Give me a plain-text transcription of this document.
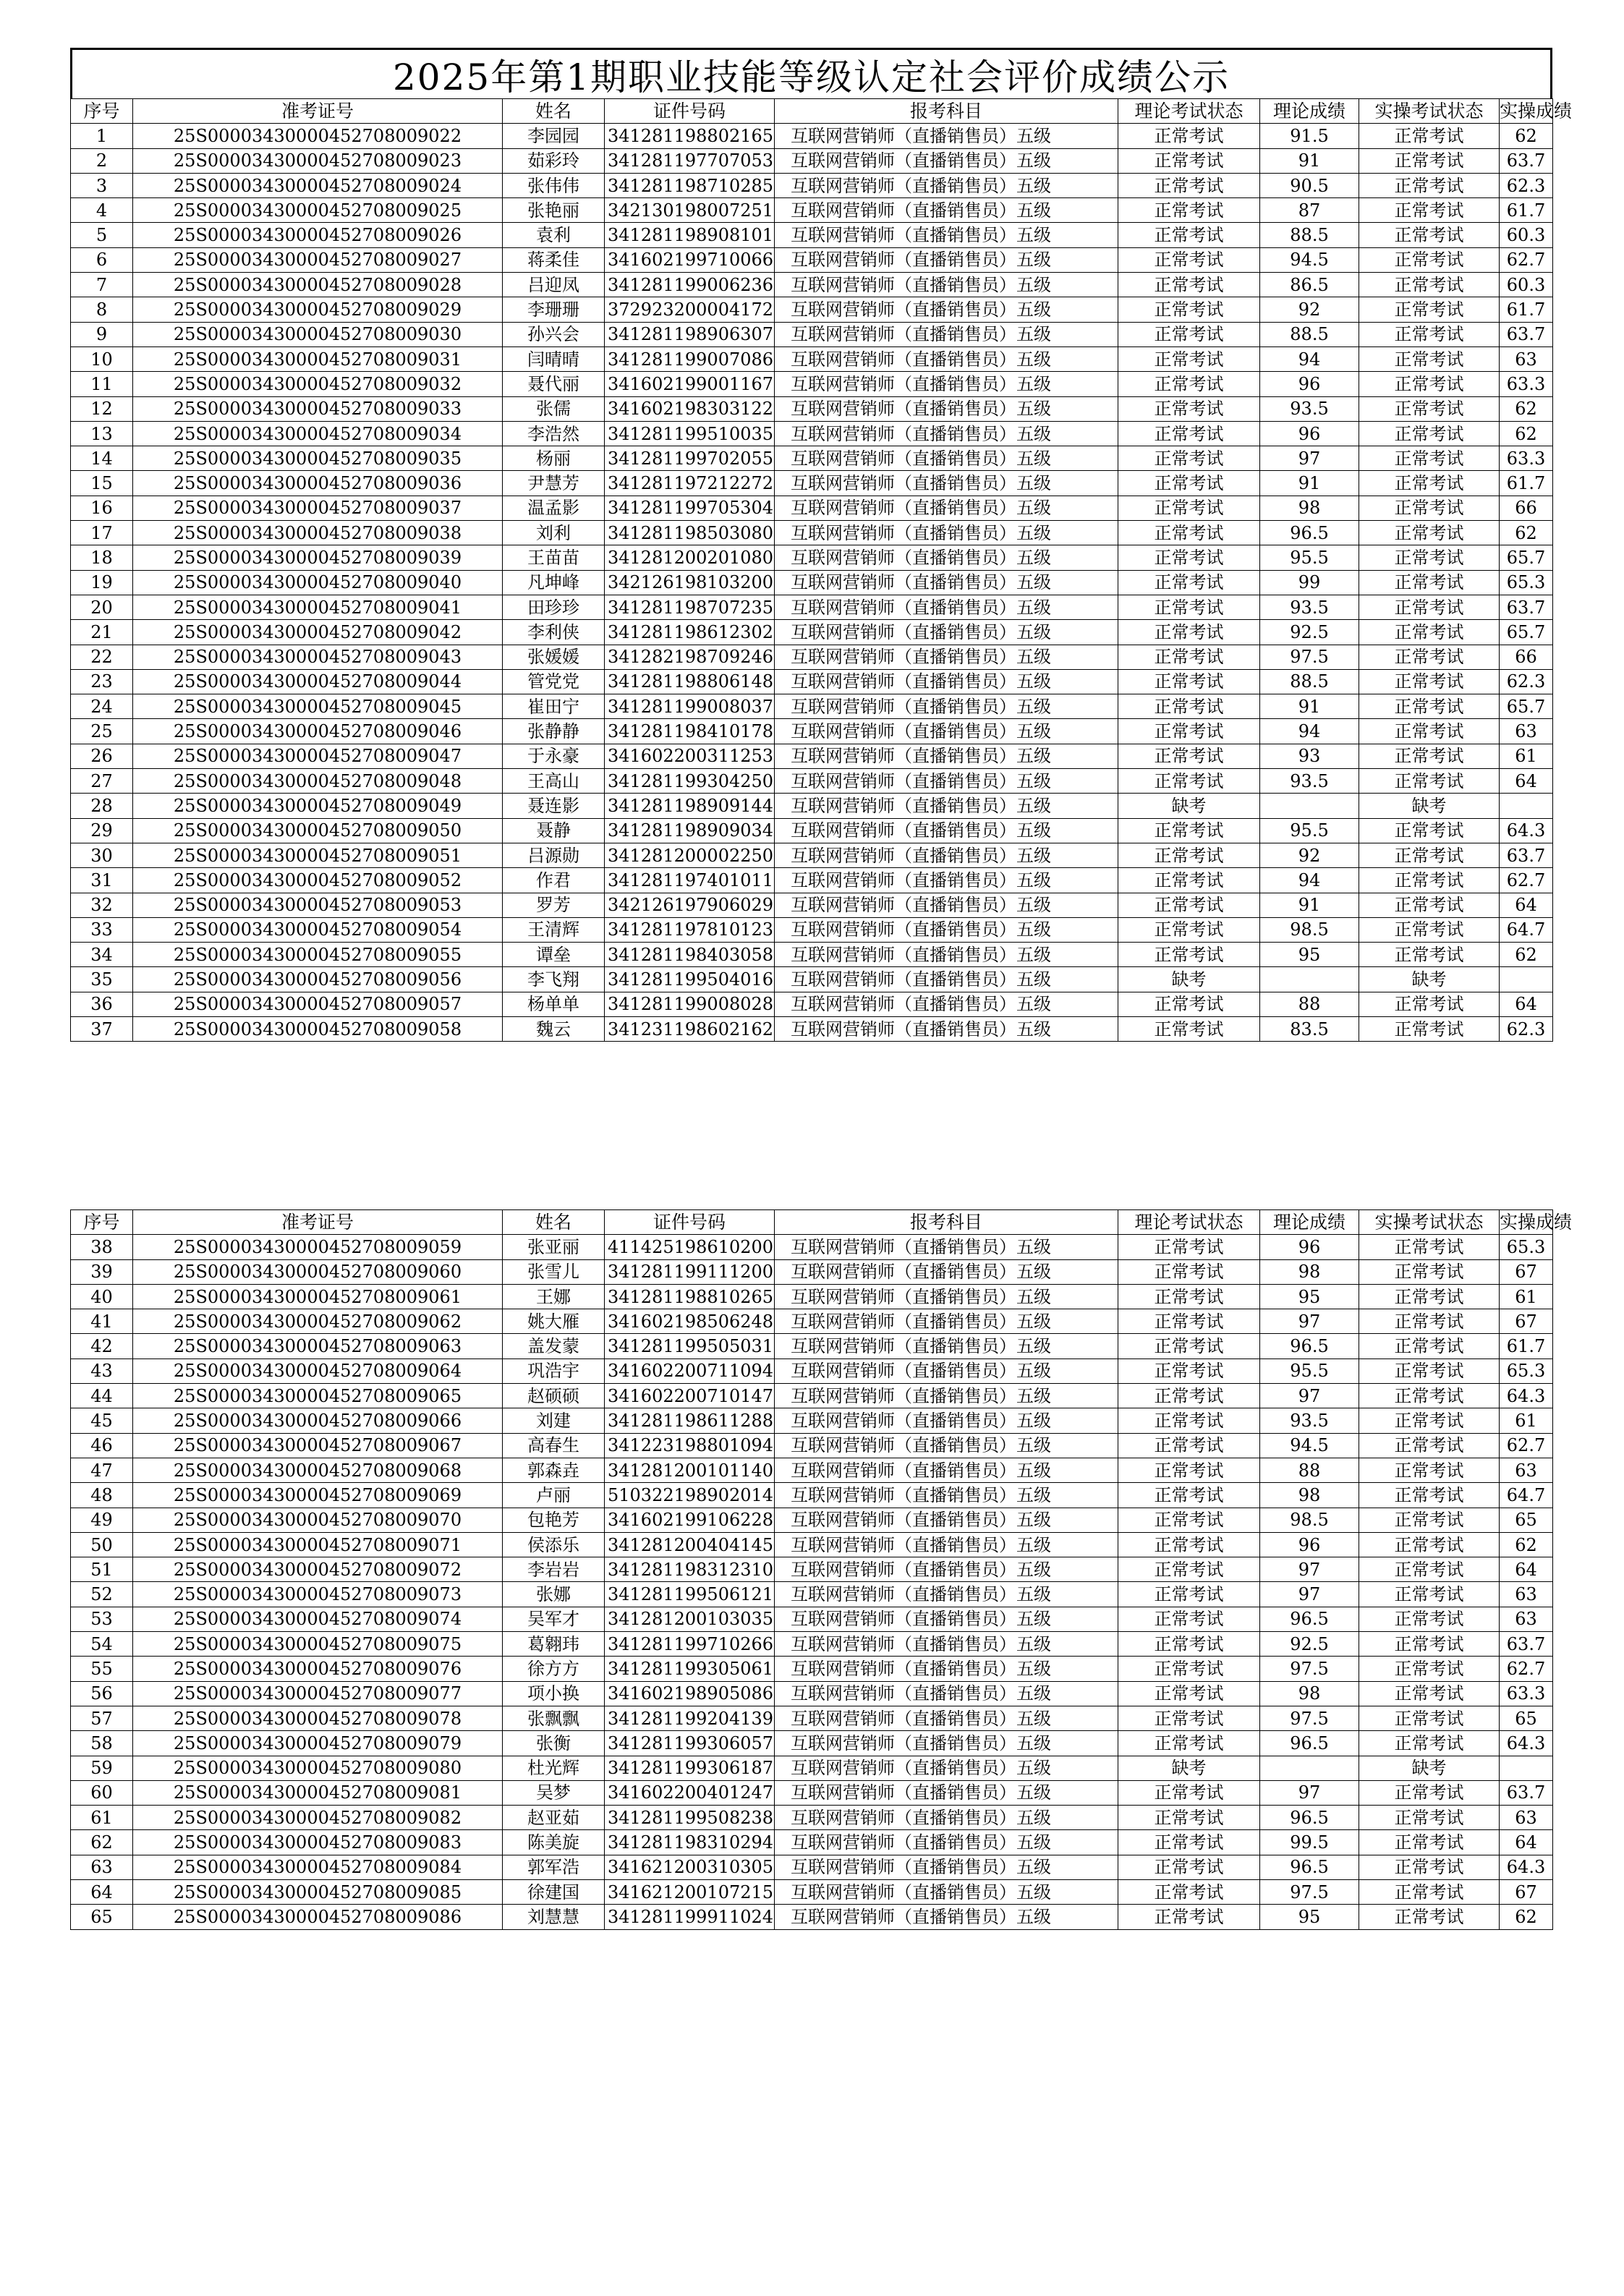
2025年第1期职业技能等级认定社会评价成绩公示
序号	准考证号	姓名	证件号码	报考科目	理论考试状态	理论成绩	实操考试状态	实操成绩
1	25S00003430000452708009022	李园园	341281198802165	互联网营销师（直播销售员）五级	正常考试	91.5	正常考试	62
2	25S00003430000452708009023	茹彩玲	341281197707053	互联网营销师（直播销售员）五级	正常考试	91	正常考试	63.7
3	25S00003430000452708009024	张伟伟	341281198710285	互联网营销师（直播销售员）五级	正常考试	90.5	正常考试	62.3
4	25S00003430000452708009025	张艳丽	342130198007251	互联网营销师（直播销售员）五级	正常考试	87	正常考试	61.7
5	25S00003430000452708009026	袁利	341281198908101	互联网营销师（直播销售员）五级	正常考试	88.5	正常考试	60.3
6	25S00003430000452708009027	蒋柔佳	341602199710066	互联网营销师（直播销售员）五级	正常考试	94.5	正常考试	62.7
7	25S00003430000452708009028	吕迎凤	341281199006236	互联网营销师（直播销售员）五级	正常考试	86.5	正常考试	60.3
8	25S00003430000452708009029	李珊珊	372923200004172	互联网营销师（直播销售员）五级	正常考试	92	正常考试	61.7
9	25S00003430000452708009030	孙兴会	341281198906307	互联网营销师（直播销售员）五级	正常考试	88.5	正常考试	63.7
10	25S00003430000452708009031	闫晴晴	341281199007086	互联网营销师（直播销售员）五级	正常考试	94	正常考试	63
11	25S00003430000452708009032	聂代丽	341602199001167	互联网营销师（直播销售员）五级	正常考试	96	正常考试	63.3
12	25S00003430000452708009033	张儒	341602198303122	互联网营销师（直播销售员）五级	正常考试	93.5	正常考试	62
13	25S00003430000452708009034	李浩然	341281199510035	互联网营销师（直播销售员）五级	正常考试	96	正常考试	62
14	25S00003430000452708009035	杨丽	341281199702055	互联网营销师（直播销售员）五级	正常考试	97	正常考试	63.3
15	25S00003430000452708009036	尹慧芳	341281197212272	互联网营销师（直播销售员）五级	正常考试	91	正常考试	61.7
16	25S00003430000452708009037	温孟影	341281199705304	互联网营销师（直播销售员）五级	正常考试	98	正常考试	66
17	25S00003430000452708009038	刘利	341281198503080	互联网营销师（直播销售员）五级	正常考试	96.5	正常考试	62
18	25S00003430000452708009039	王苗苗	341281200201080	互联网营销师（直播销售员）五级	正常考试	95.5	正常考试	65.7
19	25S00003430000452708009040	凡坤峰	342126198103200	互联网营销师（直播销售员）五级	正常考试	99	正常考试	65.3
20	25S00003430000452708009041	田珍珍	341281198707235	互联网营销师（直播销售员）五级	正常考试	93.5	正常考试	63.7
21	25S00003430000452708009042	李利侠	341281198612302	互联网营销师（直播销售员）五级	正常考试	92.5	正常考试	65.7
22	25S00003430000452708009043	张媛媛	341282198709246	互联网营销师（直播销售员）五级	正常考试	97.5	正常考试	66
23	25S00003430000452708009044	管党党	341281198806148	互联网营销师（直播销售员）五级	正常考试	88.5	正常考试	62.3
24	25S00003430000452708009045	崔田宁	341281199008037	互联网营销师（直播销售员）五级	正常考试	91	正常考试	65.7
25	25S00003430000452708009046	张静静	341281198410178	互联网营销师（直播销售员）五级	正常考试	94	正常考试	63
26	25S00003430000452708009047	于永豪	341602200311253	互联网营销师（直播销售员）五级	正常考试	93	正常考试	61
27	25S00003430000452708009048	王高山	341281199304250	互联网营销师（直播销售员）五级	正常考试	93.5	正常考试	64
28	25S00003430000452708009049	聂连影	341281198909144	互联网营销师（直播销售员）五级	缺考		缺考	
29	25S00003430000452708009050	聂静	341281198909034	互联网营销师（直播销售员）五级	正常考试	95.5	正常考试	64.3
30	25S00003430000452708009051	吕源勋	341281200002250	互联网营销师（直播销售员）五级	正常考试	92	正常考试	63.7
31	25S00003430000452708009052	作君	341281197401011	互联网营销师（直播销售员）五级	正常考试	94	正常考试	62.7
32	25S00003430000452708009053	罗芳	342126197906029	互联网营销师（直播销售员）五级	正常考试	91	正常考试	64
33	25S00003430000452708009054	王清辉	341281197810123	互联网营销师（直播销售员）五级	正常考试	98.5	正常考试	64.7
34	25S00003430000452708009055	谭垒	341281198403058	互联网营销师（直播销售员）五级	正常考试	95	正常考试	62
35	25S00003430000452708009056	李飞翔	341281199504016	互联网营销师（直播销售员）五级	缺考		缺考	
36	25S00003430000452708009057	杨单单	341281199008028	互联网营销师（直播销售员）五级	正常考试	88	正常考试	64
37	25S00003430000452708009058	魏云	341231198602162	互联网营销师（直播销售员）五级	正常考试	83.5	正常考试	62.3
序号	准考证号	姓名	证件号码	报考科目	理论考试状态	理论成绩	实操考试状态	实操成绩
38	25S00003430000452708009059	张亚丽	411425198610200	互联网营销师（直播销售员）五级	正常考试	96	正常考试	65.3
39	25S00003430000452708009060	张雪儿	341281199111200	互联网营销师（直播销售员）五级	正常考试	98	正常考试	67
40	25S00003430000452708009061	王娜	341281198810265	互联网营销师（直播销售员）五级	正常考试	95	正常考试	61
41	25S00003430000452708009062	姚大雁	341602198506248	互联网营销师（直播销售员）五级	正常考试	97	正常考试	67
42	25S00003430000452708009063	盖发蒙	341281199505031	互联网营销师（直播销售员）五级	正常考试	96.5	正常考试	61.7
43	25S00003430000452708009064	巩浩宇	341602200711094	互联网营销师（直播销售员）五级	正常考试	95.5	正常考试	65.3
44	25S00003430000452708009065	赵硕硕	341602200710147	互联网营销师（直播销售员）五级	正常考试	97	正常考试	64.3
45	25S00003430000452708009066	刘建	341281198611288	互联网营销师（直播销售员）五级	正常考试	93.5	正常考试	61
46	25S00003430000452708009067	高春生	341223198801094	互联网营销师（直播销售员）五级	正常考试	94.5	正常考试	62.7
47	25S00003430000452708009068	郭森垚	341281200101140	互联网营销师（直播销售员）五级	正常考试	88	正常考试	63
48	25S00003430000452708009069	卢丽	510322198902014	互联网营销师（直播销售员）五级	正常考试	98	正常考试	64.7
49	25S00003430000452708009070	包艳芳	341602199106228	互联网营销师（直播销售员）五级	正常考试	98.5	正常考试	65
50	25S00003430000452708009071	侯添乐	341281200404145	互联网营销师（直播销售员）五级	正常考试	96	正常考试	62
51	25S00003430000452708009072	李岩岩	341281198312310	互联网营销师（直播销售员）五级	正常考试	97	正常考试	64
52	25S00003430000452708009073	张娜	341281199506121	互联网营销师（直播销售员）五级	正常考试	97	正常考试	63
53	25S00003430000452708009074	吴军才	341281200103035	互联网营销师（直播销售员）五级	正常考试	96.5	正常考试	63
54	25S00003430000452708009075	葛翱玮	341281199710266	互联网营销师（直播销售员）五级	正常考试	92.5	正常考试	63.7
55	25S00003430000452708009076	徐方方	341281199305061	互联网营销师（直播销售员）五级	正常考试	97.5	正常考试	62.7
56	25S00003430000452708009077	项小换	341602198905086	互联网营销师（直播销售员）五级	正常考试	98	正常考试	63.3
57	25S00003430000452708009078	张飘飘	341281199204139	互联网营销师（直播销售员）五级	正常考试	97.5	正常考试	65
58	25S00003430000452708009079	张衡	341281199306057	互联网营销师（直播销售员）五级	正常考试	96.5	正常考试	64.3
59	25S00003430000452708009080	杜光辉	341281199306187	互联网营销师（直播销售员）五级	缺考		缺考	
60	25S00003430000452708009081	吴梦	341602200401247	互联网营销师（直播销售员）五级	正常考试	97	正常考试	63.7
61	25S00003430000452708009082	赵亚茹	341281199508238	互联网营销师（直播销售员）五级	正常考试	96.5	正常考试	63
62	25S00003430000452708009083	陈美旋	341281198310294	互联网营销师（直播销售员）五级	正常考试	99.5	正常考试	64
63	25S00003430000452708009084	郭军浩	341621200310305	互联网营销师（直播销售员）五级	正常考试	96.5	正常考试	64.3
64	25S00003430000452708009085	徐建国	341621200107215	互联网营销师（直播销售员）五级	正常考试	97.5	正常考试	67
65	25S00003430000452708009086	刘慧慧	341281199911024	互联网营销师（直播销售员）五级	正常考试	95	正常考试	62
